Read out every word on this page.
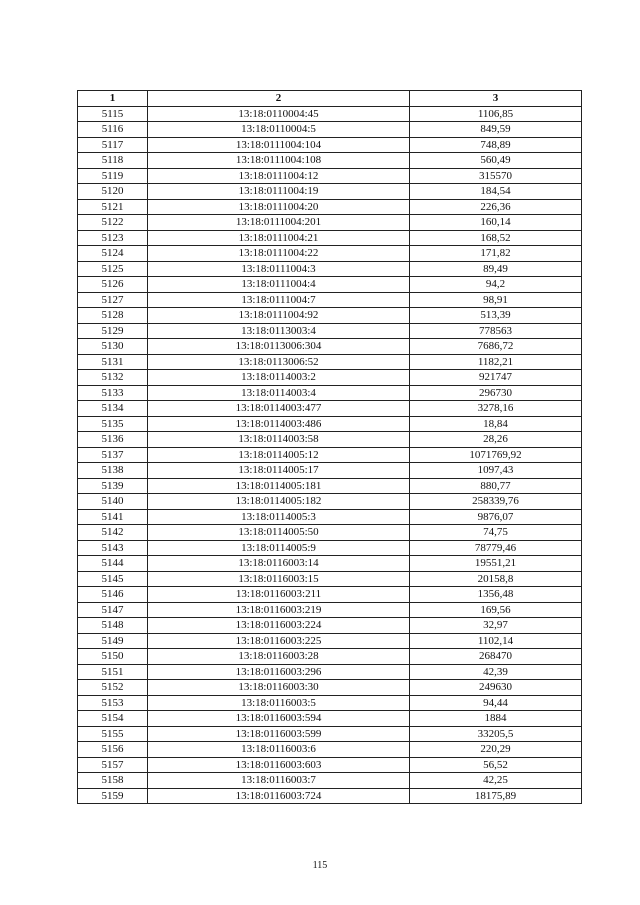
1	2	3
5115	13:18:0110004:45	1106,85
5116	13:18:0110004:5	849,59
5117	13:18:0111004:104	748,89
5118	13:18:0111004:108	560,49
5119	13:18:0111004:12	315570
5120	13:18:0111004:19	184,54
5121	13:18:0111004:20	226,36
5122	13:18:0111004:201	160,14
5123	13:18:0111004:21	168,52
5124	13:18:0111004:22	171,82
5125	13:18:0111004:3	89,49
5126	13:18:0111004:4	94,2
5127	13:18:0111004:7	98,91
5128	13:18:0111004:92	513,39
5129	13:18:0113003:4	778563
5130	13:18:0113006:304	7686,72
5131	13:18:0113006:52	1182,21
5132	13:18:0114003:2	921747
5133	13:18:0114003:4	296730
5134	13:18:0114003:477	3278,16
5135	13:18:0114003:486	18,84
5136	13:18:0114003:58	28,26
5137	13:18:0114005:12	1071769,92
5138	13:18:0114005:17	1097,43
5139	13:18:0114005:181	880,77
5140	13:18:0114005:182	258339,76
5141	13:18:0114005:3	9876,07
5142	13:18:0114005:50	74,75
5143	13:18:0114005:9	78779,46
5144	13:18:0116003:14	19551,21
5145	13:18:0116003:15	20158,8
5146	13:18:0116003:211	1356,48
5147	13:18:0116003:219	169,56
5148	13:18:0116003:224	32,97
5149	13:18:0116003:225	1102,14
5150	13:18:0116003:28	268470
5151	13:18:0116003:296	42,39
5152	13:18:0116003:30	249630
5153	13:18:0116003:5	94,44
5154	13:18:0116003:594	1884
5155	13:18:0116003:599	33205,5
5156	13:18:0116003:6	220,29
5157	13:18:0116003:603	56,52
5158	13:18:0116003:7	42,25
5159	13:18:0116003:724	18175,89
115
